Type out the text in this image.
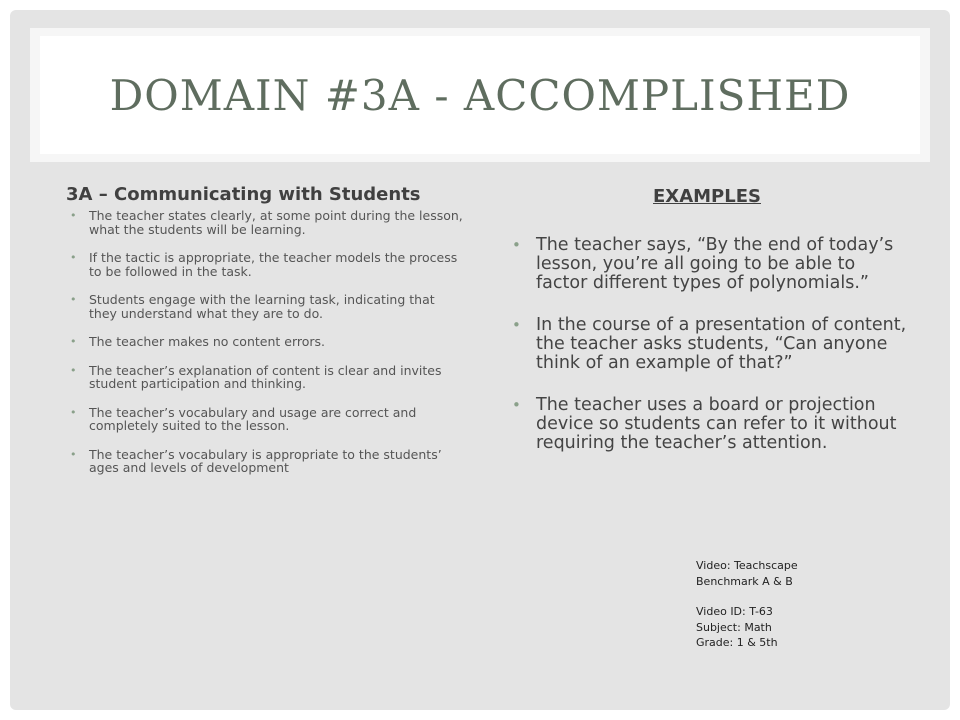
DOMAIN #3A - ACCOMPLISHED
3A – Communicating with Students
• The teacher states clearly, at some point during the lesson, what the students will be learning.
• If the tactic is appropriate, the teacher models the process to be followed in the task.
• Students engage with the learning task, indicating that they understand what they are to do.
• The teacher makes no content errors.
• The teacher’s explanation of content is clear and invites student participation and thinking.
• The teacher’s vocabulary and usage are correct and completely suited to the lesson.
• The teacher’s vocabulary is appropriate to the students’ ages and levels of development
EXAMPLES
• The teacher says, “By the end of today’s lesson, you’re all going to be able to factor different types of polynomials.”
• In the course of a presentation of content, the teacher asks students, “Can anyone think of an example of that?”
• The teacher uses a board or projection device so students can refer to it without requiring the teacher’s attention.
Video: Teachscape
Benchmark A & B
Video ID: T-63
Subject: Math
Grade: 1 & 5th
